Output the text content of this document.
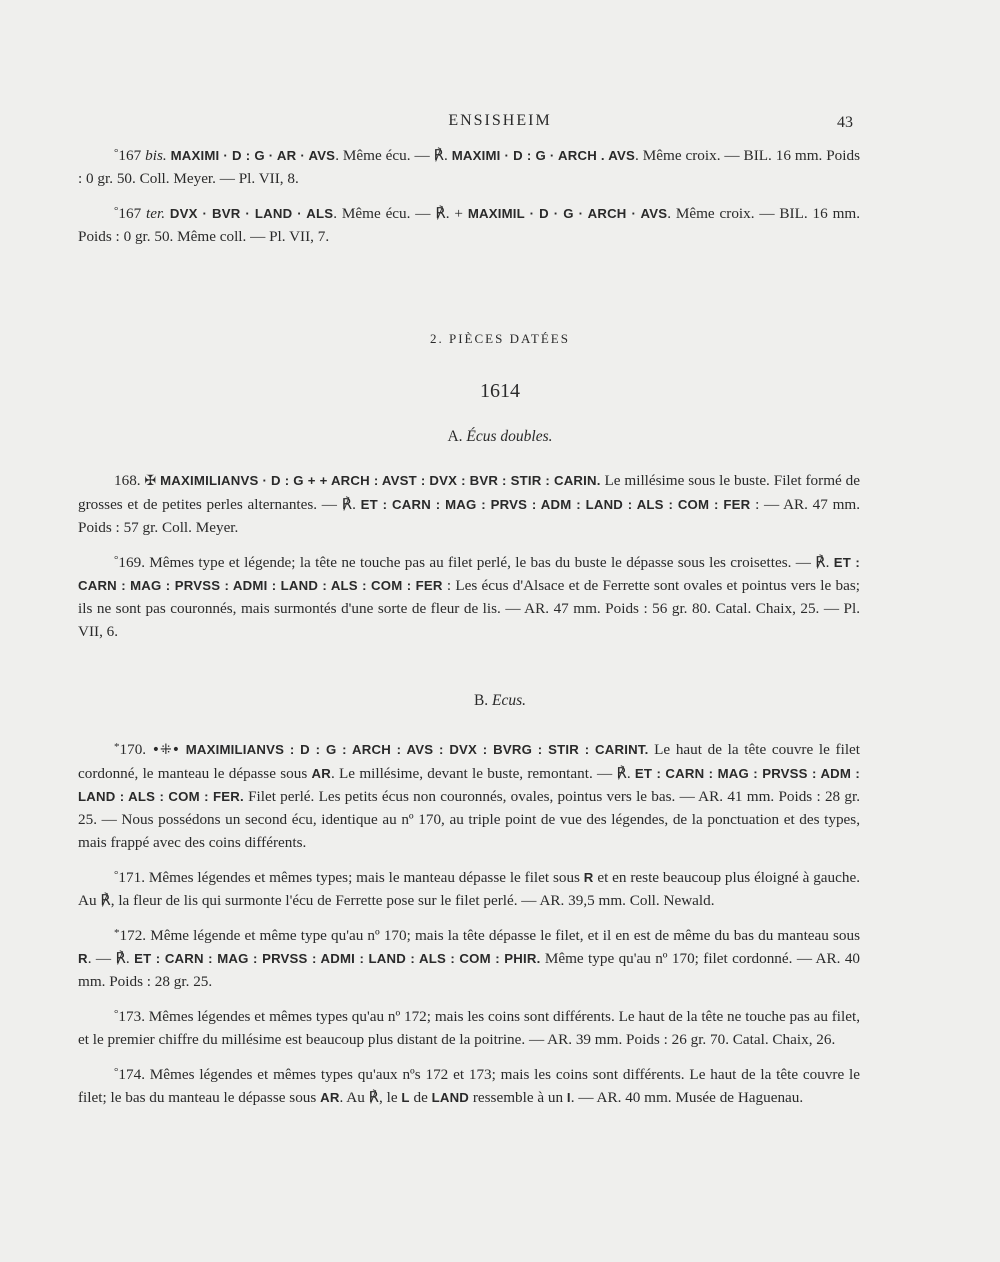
ENSISHEIM	43

°167 bis. MAXIMI · D : G · AR · AVS. Même écu. — ℟. MAXIMI · D : G · ARCH . AVS. Même croix. — BIL. 16 mm. Poids : 0 gr. 50. Coll. Meyer. — Pl. VII, 8.

°167 ter. DVX · BVR · LAND · ALS. Même écu. — ℟. + MAXIMIL · D · G · ARCH · AVS. Même croix. — BIL. 16 mm. Poids : 0 gr. 50. Même coll. — Pl. VII, 7.

2. PIÈCES DATÉES
1614
A. Écus doubles.

168. ✠ MAXIMILIANVS · D : G + + ARCH : AVST : DVX : BVR : STIR : CARIN. Le millésime sous le buste. Filet formé de grosses et de petites perles alternantes. — ℟. ET : CARN : MAG : PRVS : ADM : LAND : ALS : COM : FER : — AR. 47 mm. Poids : 57 gr. Coll. Meyer.

°169. Mêmes type et légende; la tête ne touche pas au filet perlé, le bas du buste le dépasse sous les croisettes. — ℟. ET : CARN : MAG : PRVSS : ADMI : LAND : ALS : COM : FER : Les écus d'Alsace et de Ferrette sont ovales et pointus vers le bas; ils ne sont pas couronnés, mais surmontés d'une sorte de fleur de lis. — AR. 47 mm. Poids : 56 gr. 80. Catal. Chaix, 25. — Pl. VII, 6.

B. Ecus.

*170. •⁜• MAXIMILIANVS : D : G : ARCH : AVS : DVX : BVRG : STIR : CARINT. Le haut de la tête couvre le filet cordonné, le manteau le dépasse sous AR. Le millésime, devant le buste, remontant. — ℟. ET : CARN : MAG : PRVSS : ADM : LAND : ALS : COM : FER. Filet perlé. Les petits écus non couronnés, ovales, pointus vers le bas. — AR. 41 mm. Poids : 28 gr. 25. — Nous possédons un second écu, identique au nº 170, au triple point de vue des légendes, de la ponctuation et des types, mais frappé avec des coins différents.

°171. Mêmes légendes et mêmes types; mais le manteau dépasse le filet sous R et en reste beaucoup plus éloigné à gauche. Au ℟, la fleur de lis qui surmonte l'écu de Ferrette pose sur le filet perlé. — AR. 39,5 mm. Coll. Newald.

*172. Même légende et même type qu'au nº 170; mais la tête dépasse le filet, et il en est de même du bas du manteau sous R. — ℟. ET : CARN : MAG : PRVSS : ADMI : LAND : ALS : COM : PHIR. Même type qu'au nº 170; filet cordonné. — AR. 40 mm. Poids : 28 gr. 25.

°173. Mêmes légendes et mêmes types qu'au nº 172; mais les coins sont différents. Le haut de la tête ne touche pas au filet, et le premier chiffre du millésime est beaucoup plus distant de la poitrine. — AR. 39 mm. Poids : 26 gr. 70. Catal. Chaix, 26.

°174. Mêmes légendes et mêmes types qu'aux nºs 172 et 173; mais les coins sont différents. Le haut de la tête couvre le filet; le bas du manteau le dépasse sous AR. Au ℟, le L de LAND ressemble à un I. — AR. 40 mm. Musée de Haguenau.
